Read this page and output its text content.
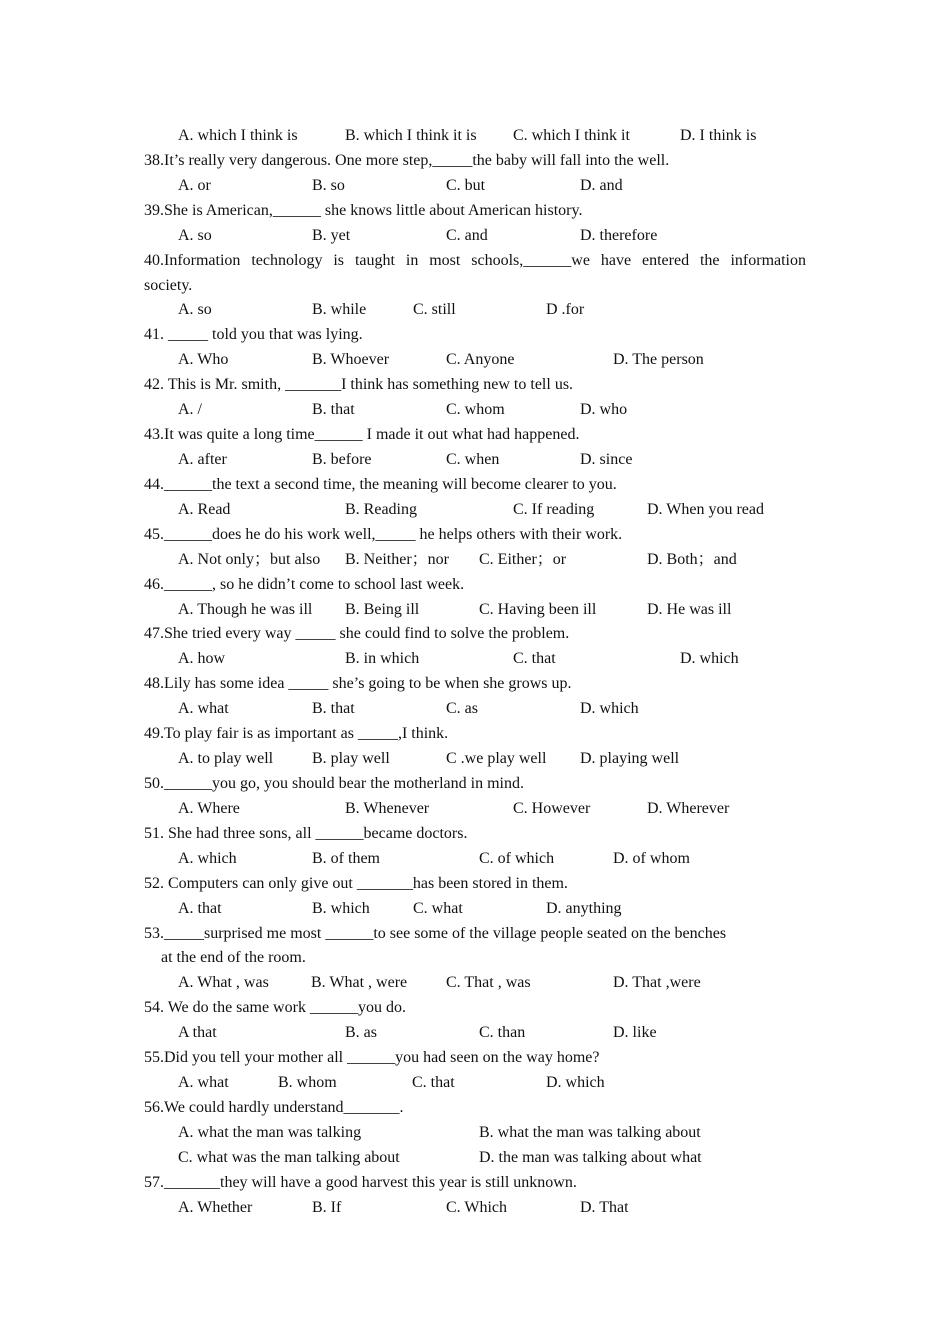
A. which I think is	B. which I think it is C. which I think it	D. I think is
38.It’s really very dangerous. One more step,_____the baby will fall into the well.
A. or	B. so	C. but	D. and
39.She is American,______ she knows little about American history.
A. so	B. yet	C. and	D. therefore
40.Information technology is taught in most schools,______we have entered the information
society.
A. so	B. while	C. still	D .for
41. _____ told you that was lying.
A. Who	B. Whoever	C. Anyone	D. The person
42. This is Mr. smith, _______I think has something new to tell us.
A. /	B. that	C. whom	D. who
43.It was quite a long time______ I made it out what had happened.
A. after	B. before	C. when	D. since
44.______the text a second time, the meaning will become clearer to you.
A. Read	B. Reading	C. If reading	D. When you read
45.______does he do his work well,_____ he helps others with their work.
A. Not only；but also B. Neither；nor C. Either；or	D. Both；and
46.______, so he didn’t come to school last week.
A. Though he was ill B. Being ill	C. Having been ill	D. He was ill
47.She tried every way _____ she could find to solve the problem.
A. how	B. in which	C. that	D. which
48.Lily has some idea _____ she’s going to be when she grows up.
A. what	B. that	C. as	D. which
49.To play fair is as important as _____,I think.
A. to play well B. play well	C .we play well D. playing well
50.______you go, you should bear the motherland in mind.
A. Where	B. Whenever	C. However	D. Wherever
51. She had three sons, all ______became doctors.
A. which	B. of them	C. of which	D. of whom
52. Computers can only give out _______has been stored in them.
A. that	B. which	C. what	D. anything
53._____surprised me most ______to see some of the village people seated on the benches
at the end of the room.
A. What , was	B. What , were C. That , was	D. That ,were
54. We do the same work ______you do.
A that	B. as	C. than	D. like
55.Did you tell your mother all ______you had seen on the way home?
A. what	B. whom	C. that	D. which
56.We could hardly understand_______.
A. what the man was talking	B. what the man was talking about
C. what was the man talking about	D. the man was talking about what
57._______they will have a good harvest this year is still unknown.
A. Whether	B. If	C. Which	D. That
